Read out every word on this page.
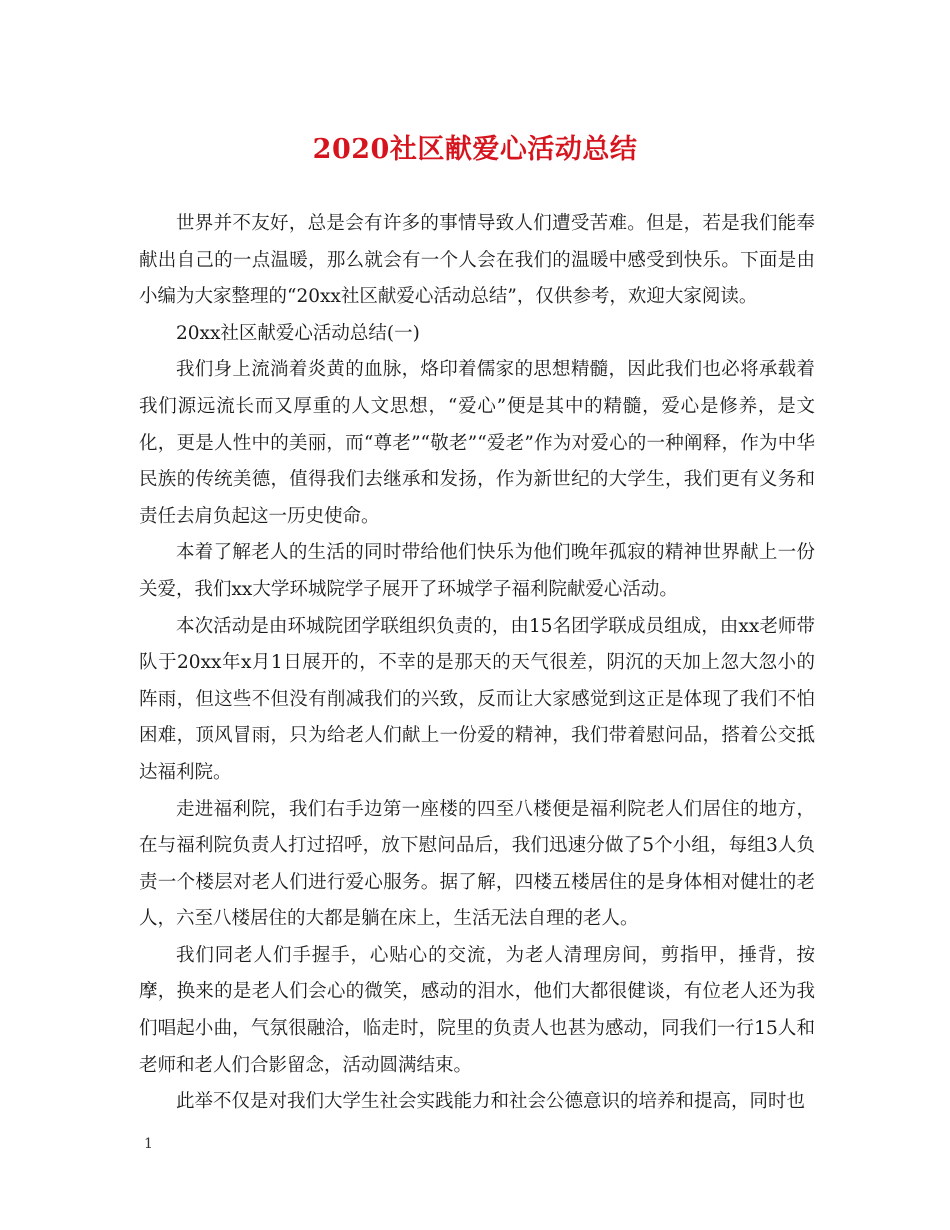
2020社区献爱心活动总结

世界并不友好，总是会有许多的事情导致人们遭受苦难。但是，若是我们能奉献出自己的一点温暖，那么就会有一个人会在我们的温暖中感受到快乐。下面是由小编为大家整理的“20xx社区献爱心活动总结”，仅供参考，欢迎大家阅读。

20xx社区献爱心活动总结(一)

我们身上流淌着炎黄的血脉，烙印着儒家的思想精髓，因此我们也必将承载着我们源远流长而又厚重的人文思想，“爱心”便是其中的精髓，爱心是修养，是文化，更是人性中的美丽，而“尊老”“敬老”“爱老”作为对爱心的一种阐释，作为中华民族的传统美德，值得我们去继承和发扬，作为新世纪的大学生，我们更有义务和责任去肩负起这一历史使命。

本着了解老人的生活的同时带给他们快乐为他们晚年孤寂的精神世界献上一份关爱，我们xx大学环城院学子展开了环城学子福利院献爱心活动。

本次活动是由环城院团学联组织负责的，由15名团学联成员组成，由xx老师带队于20xx年x月1日展开的，不幸的是那天的天气很差，阴沉的天加上忽大忽小的阵雨，但这些不但没有削减我们的兴致，反而让大家感觉到这正是体现了我们不怕困难，顶风冒雨，只为给老人们献上一份爱的精神，我们带着慰问品，搭着公交抵达福利院。

走进福利院，我们右手边第一座楼的四至八楼便是福利院老人们居住的地方，在与福利院负责人打过招呼，放下慰问品后，我们迅速分做了5个小组，每组3人负责一个楼层对老人们进行爱心服务。据了解，四楼五楼居住的是身体相对健壮的老人，六至八楼居住的大都是躺在床上，生活无法自理的老人。

我们同老人们手握手，心贴心的交流，为老人清理房间，剪指甲，捶背，按摩，换来的是老人们会心的微笑，感动的泪水，他们大都很健谈，有位老人还为我们唱起小曲，气氛很融洽，临走时，院里的负责人也甚为感动，同我们一行15人和老师和老人们合影留念，活动圆满结束。

此举不仅是对我们大学生社会实践能力和社会公德意识的培养和提高，同时也

1
